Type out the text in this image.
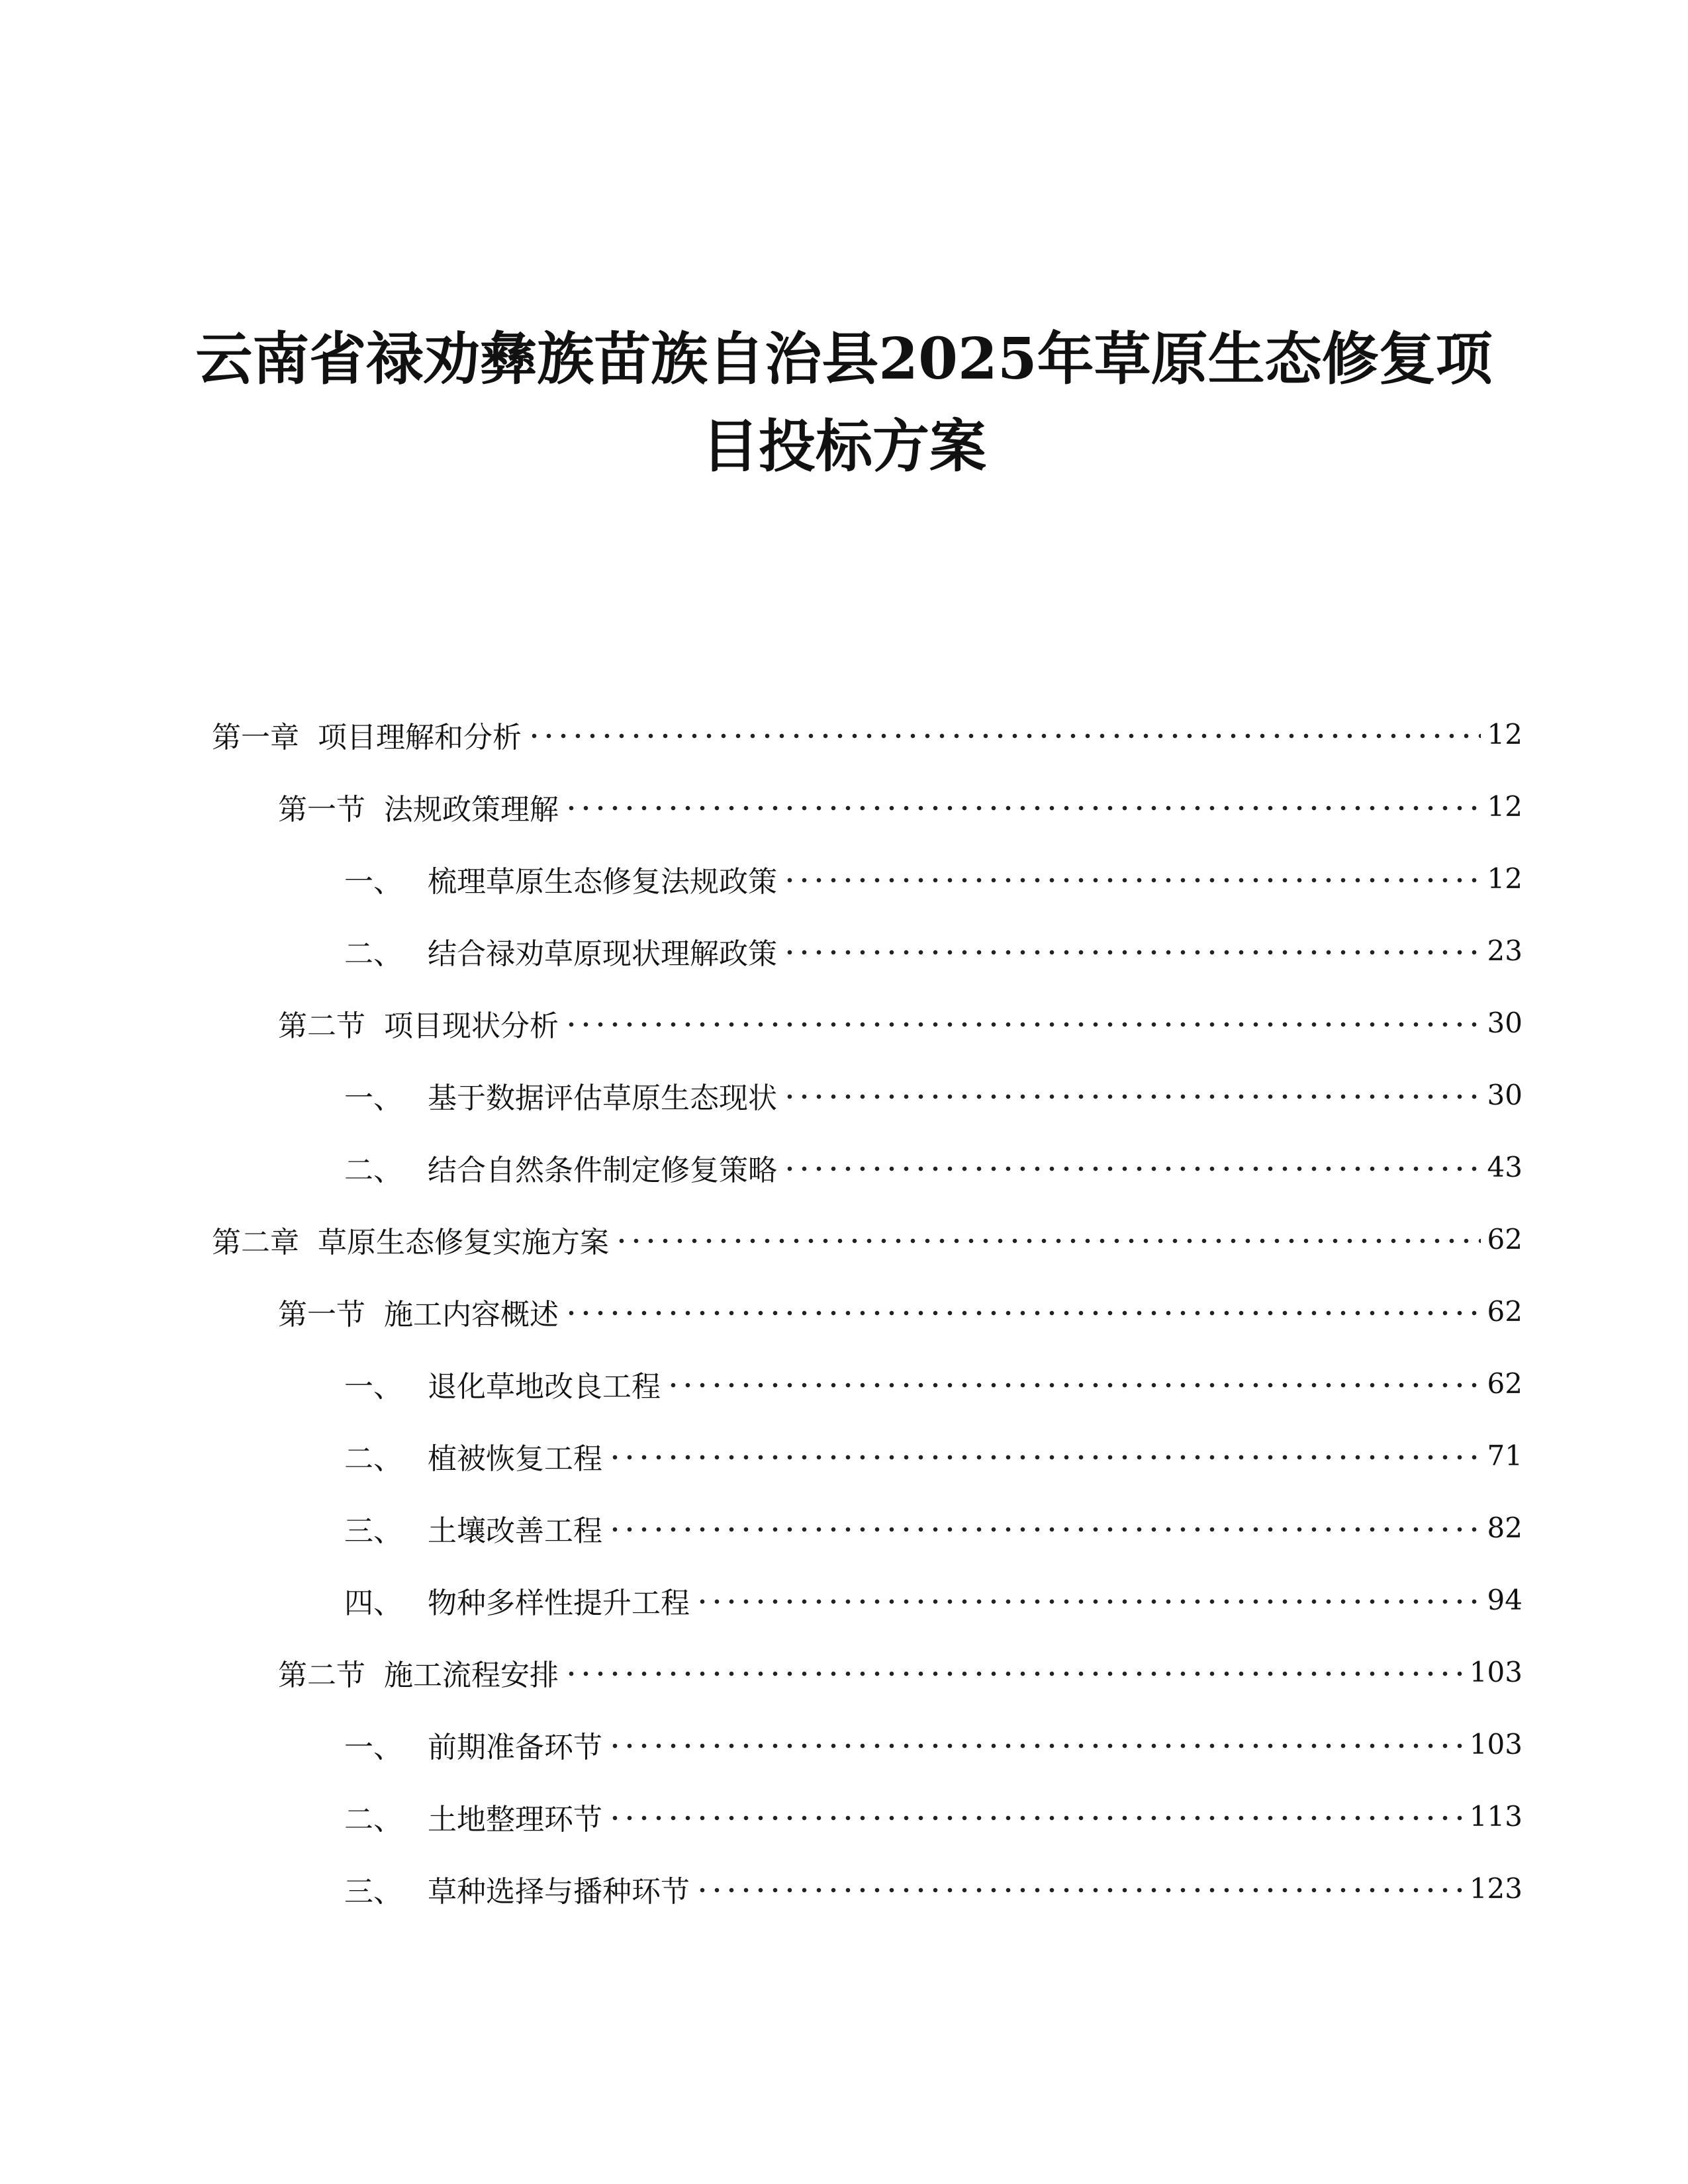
云南省禄劝彝族苗族自治县2025年草原生态修复项
目投标方案
第一章 项目理解和分析	12
第一节 法规政策理解	12
一、 梳理草原生态修复法规政策	12
二、 结合禄劝草原现状理解政策	23
第二节 项目现状分析	30
一、 基于数据评估草原生态现状	30
二、 结合自然条件制定修复策略	43
第二章 草原生态修复实施方案	62
第一节 施工内容概述	62
一、 退化草地改良工程	62
二、 植被恢复工程	71
三、 土壤改善工程	82
四、 物种多样性提升工程	94
第二节 施工流程安排	103
一、 前期准备环节	103
二、 土地整理环节	113
三、 草种选择与播种环节	123
